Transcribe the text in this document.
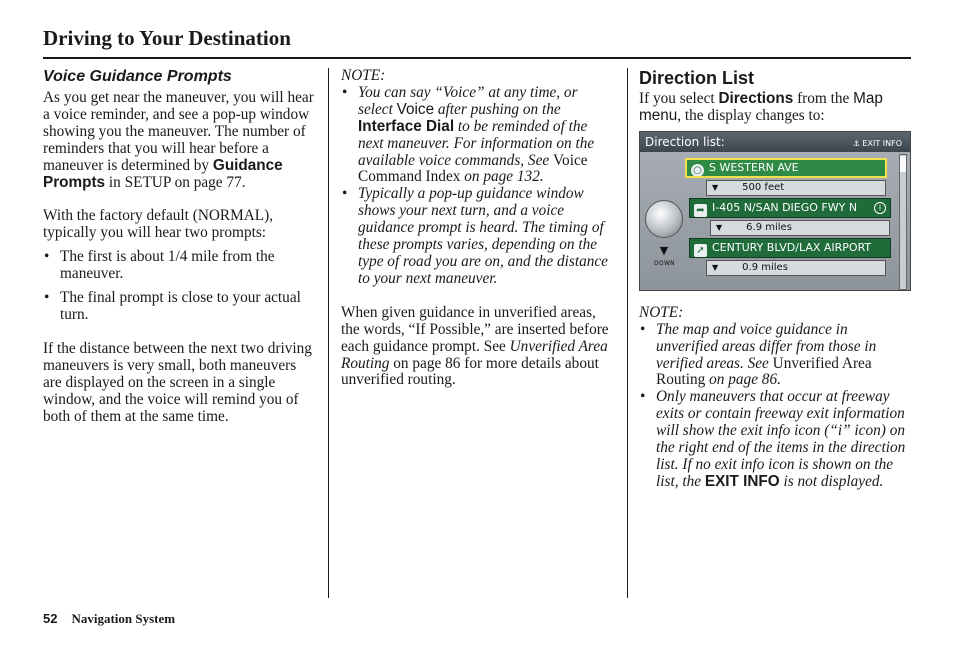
Driving to Your Destination

Voice Guidance Prompts

As you get near the maneuver, you will hear a voice reminder, and see a pop-up window showing you the maneuver. The number of reminders that you will hear before a maneuver is determined by Guidance Prompts in SETUP on page 77.

With the factory default (NORMAL), typically you will hear two prompts:

• The first is about 1/4 mile from the maneuver.

• The final prompt is close to your actual turn.

If the distance between the next two driving maneuvers is very small, both maneuvers are displayed on the screen in a single window, and the voice will remind you of both of them at the same time.

NOTE:

• You can say “Voice” at any time, or select Voice after pushing on the Interface Dial to be reminded of the next maneuver. For information on the available voice commands, See Voice Command Index on page 132.

• Typically a pop-up guidance window shows your next turn, and a voice guidance prompt is heard. The timing of these prompts varies, depending on the type of road you are on, and the distance to your next maneuver.

When given guidance in unverified areas, the words, “If Possible,” are inserted before each guidance prompt. See Unverified Area Routing on page 86 for more details about unverified routing.

Direction List

If you select Directions from the Map menu, the display changes to:

Direction list:	⚓ EXIT INFO
▼
DOWN
○ S WESTERN AVE
▼ 500 feet
➦ I-405 N/SAN DIEGO FWY N	i
▼ 6.9 miles
➚ CENTURY BLVD/LAX AIRPORT
▼ 0.9 miles

NOTE:

• The map and voice guidance in unverified areas differ from those in verified areas. See Unverified Area Routing on page 86.

• Only maneuvers that occur at freeway exits or contain freeway exit information will show the exit info icon (“i” icon) on the right end of the items in the direction list. If no exit info icon is shown on the list, the EXIT INFO is not displayed.

52 Navigation System
